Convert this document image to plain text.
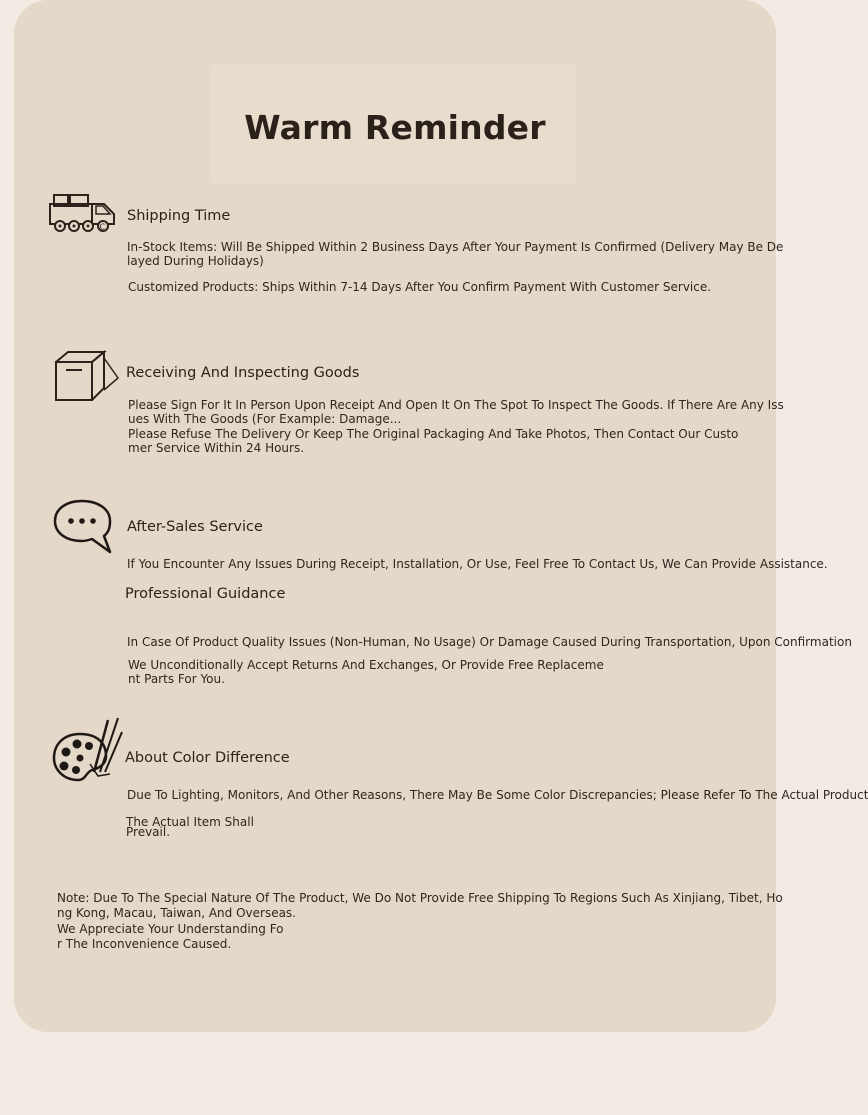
Warm Reminder
C
Shipping Time
In-Stock Items: Will Be Shipped Within 2 Business Days After Your Payment Is Confirmed (Delivery May Be De
layed During Holidays)
Customized Products: Ships Within 7-14 Days After You Confirm Payment With Customer Service.
Receiving And Inspecting Goods
Please Sign For It In Person Upon Receipt And Open It On The Spot To Inspect The Goods. If There Are Any Iss
ues With The Goods (For Example: Damage...
Please Refuse The Delivery Or Keep The Original Packaging And Take Photos, Then Contact Our Custo
mer Service Within 24 Hours.
After-Sales Service
If You Encounter Any Issues During Receipt, Installation, Or Use, Feel Free To Contact Us, We Can Provide Assistance.
Professional Guidance
In Case Of Product Quality Issues (Non-Human, No Usage) Or Damage Caused During Transportation, Upon Confirmation
We Unconditionally Accept Returns And Exchanges, Or Provide Free Replaceme
nt Parts For You.
About Color Difference
Due To Lighting, Monitors, And Other Reasons, There May Be Some Color Discrepancies; Please Refer To The Actual Product
The Actual Item Shall
Prevail.
Note: Due To The Special Nature Of The Product, We Do Not Provide Free Shipping To Regions Such As Xinjiang, Tibet, Ho
ng Kong, Macau, Taiwan, And Overseas.
We Appreciate Your Understanding Fo
r The Inconvenience Caused.
